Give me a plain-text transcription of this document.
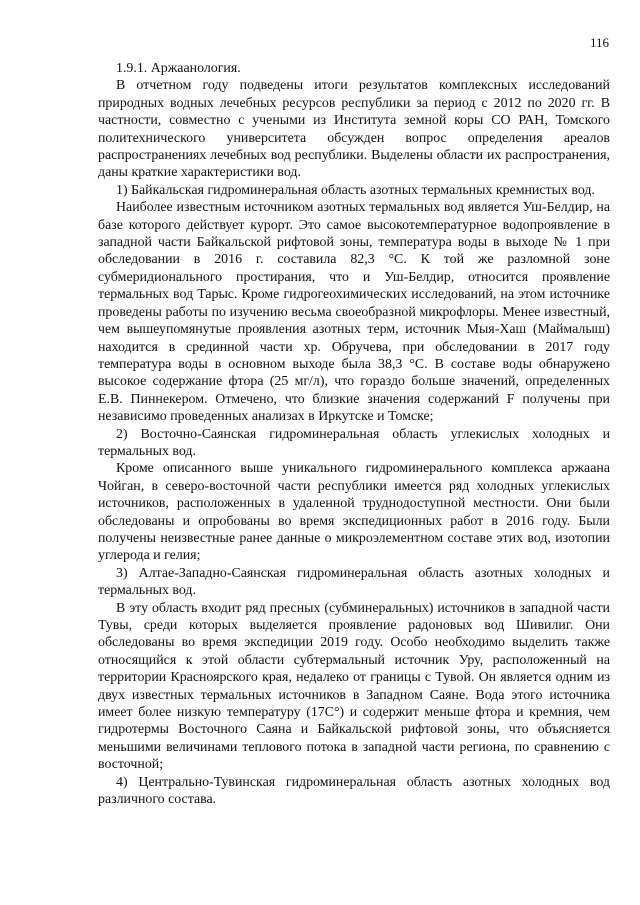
116

1.9.1. Аржаанология.

В отчетном году подведены итоги результатов комплексных исследований природных водных лечебных ресурсов республики за период с 2012 по 2020 гг. В частности, совместно с учеными из Института земной коры СО РАН, Томского политехнического университета обсужден вопрос определения ареалов распространениях лечебных вод республики. Выделены области их распространения, даны краткие характеристики вод.

1) Байкальская гидроминеральная область азотных термальных кремнистых вод.

Наиболее известным источником азотных термальных вод является Уш-Белдир, на базе которого действует курорт. Это самое высокотемпературное водопроявление в западной части Байкальской рифтовой зоны, температура воды в выходе № 1 при обследовании в 2016 г. составила 82,3 °С. К той же разломной зоне субмеридионального простирания, что и Уш-Белдир, относится проявление термальных вод Тарыс. Кроме гидрогеохимических исследований, на этом источнике проведены работы по изучению весьма своеобразной микрофлоры. Менее известный, чем вышеупомянутые проявления азотных терм, источник Мыя-Хаш (Маймалыш) находится в срединной части хр. Обручева, при обследовании в 2017 году температура воды в основном выходе была 38,3 °С. В составе воды обнаружено высокое содержание фтора (25 мг/л), что гораздо больше значений, определенных Е.В. Пиннекером. Отмечено, что близкие значения содержаний F получены при независимо проведенных анализах в Иркутске и Томске;

2) Восточно-Саянская гидроминеральная область углекислых холодных и термальных вод.

Кроме описанного выше уникального гидроминерального комплекса аржаана Чойган, в северо-восточной части республики имеется ряд холодных углекислых источников, расположенных в удаленной труднодоступной местности. Они были обследованы и опробованы во время экспедиционных работ в 2016 году. Были получены неизвестные ранее данные о микроэлементном составе этих вод, изотопии углерода и гелия;

3) Алтае-Западно-Саянская гидроминеральная область азотных холодных и термальных вод.

В эту область входит ряд пресных (субминеральных) источников в западной части Тувы, среди которых выделяется проявление радоновых вод Шивилиг. Они обследованы во время экспедиции 2019 году. Особо необходимо выделить также относящийся к этой области субтермальный источник Уру, расположенный на территории Красноярского края, недалеко от границы с Тувой. Он является одним из двух известных термальных источников в Западном Саяне. Вода этого источника имеет более низкую температуру (17С°) и содержит меньше фтора и кремния, чем гидротермы Восточного Саяна и Байкальской рифтовой зоны, что объясняется меньшими величинами теплового потока в западной части региона, по сравнению с восточной;

4) Центрально-Тувинская гидроминеральная область азотных холодных вод различного состава.
